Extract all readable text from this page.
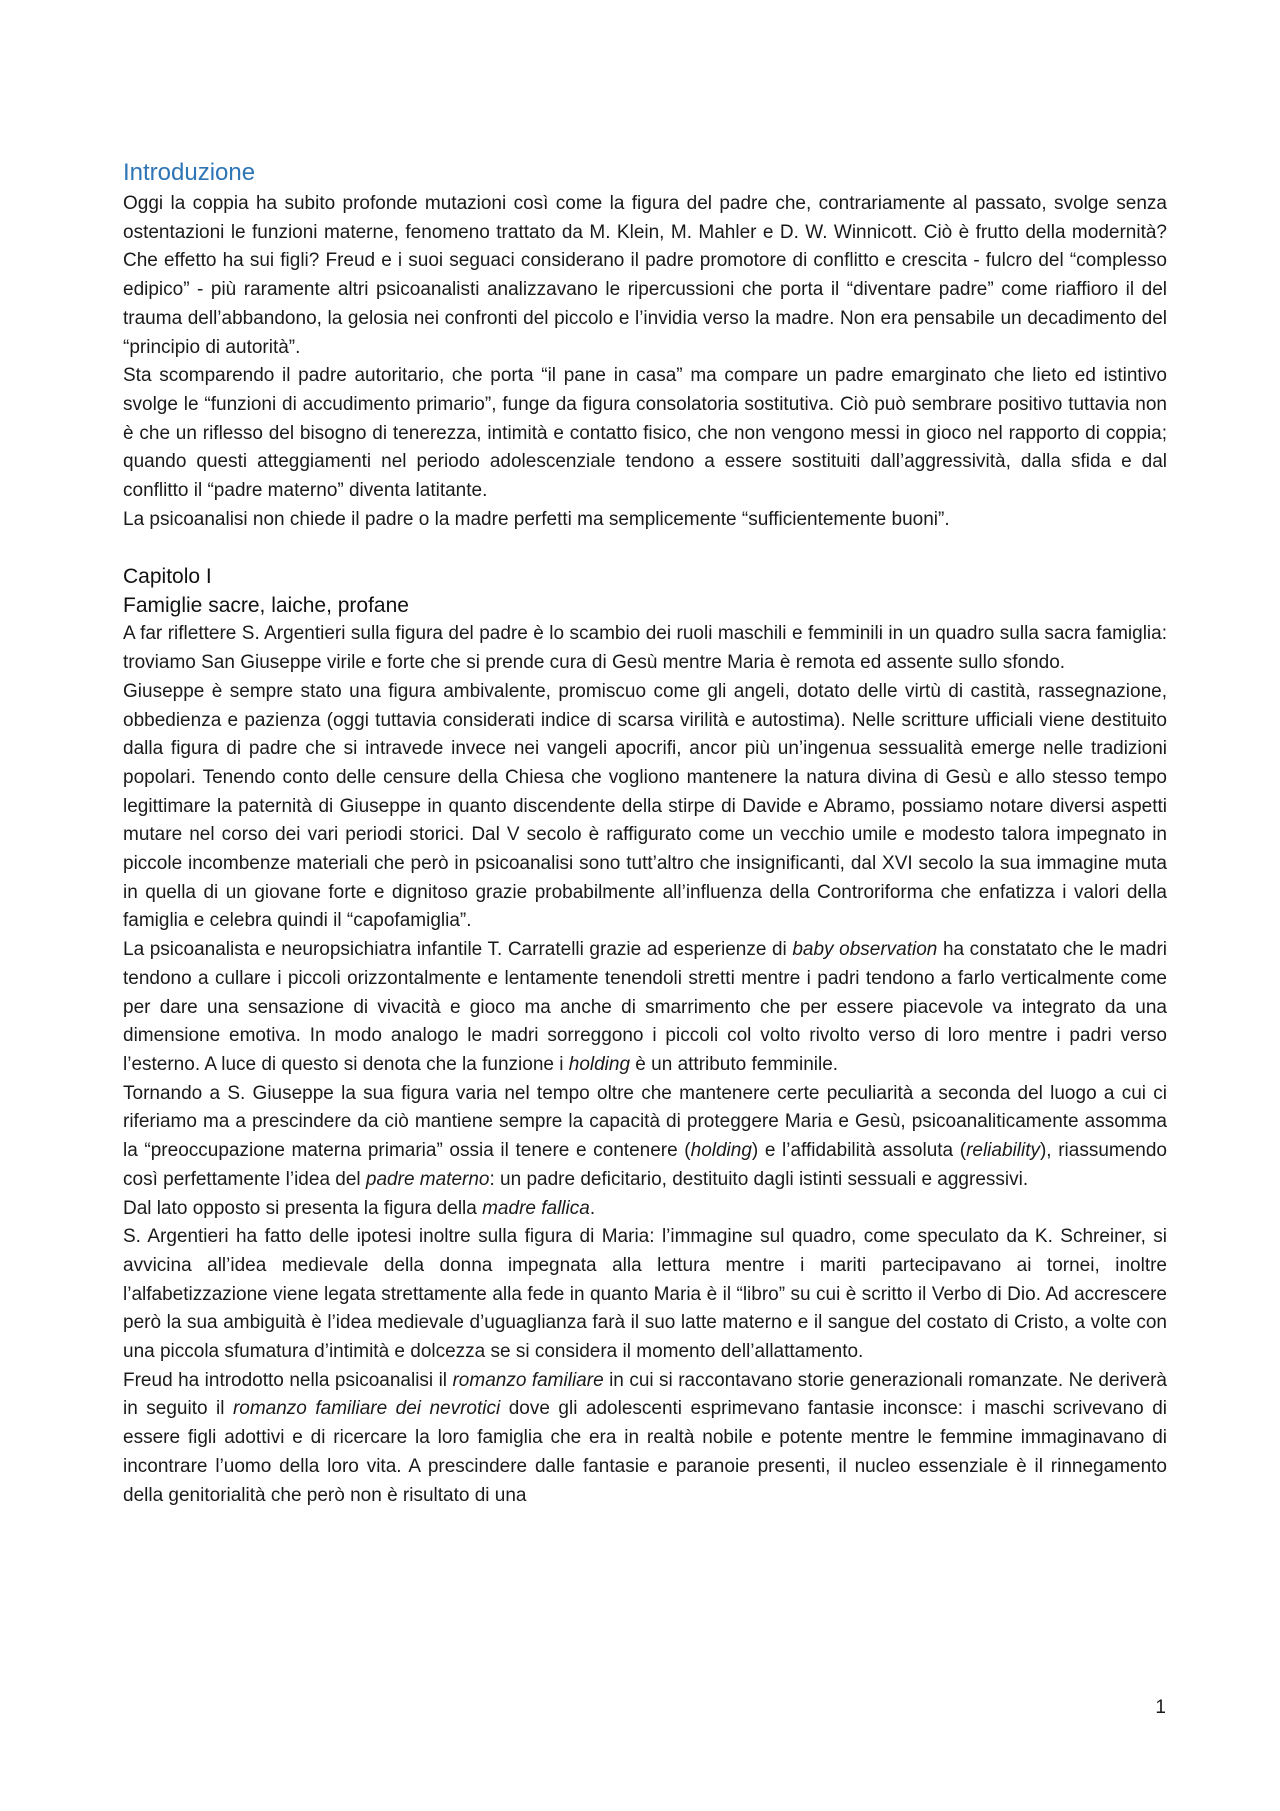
Introduzione

Oggi la coppia ha subito profonde mutazioni così come la figura del padre che, contrariamente al passato, svolge senza ostentazioni le funzioni materne, fenomeno trattato da M. Klein, M. Mahler e D. W. Winnicott. Ciò è frutto della modernità? Che effetto ha sui figli? Freud e i suoi seguaci considerano il padre promotore di conflitto e crescita - fulcro del “complesso edipico” - più raramente altri psicoanalisti analizzavano le ripercussioni che porta il “diventare padre” come riaffioro il del trauma dell’abbandono, la gelosia nei confronti del piccolo e l’invidia verso la madre. Non era pensabile un decadimento del “principio di autorità”.

Sta scomparendo il padre autoritario, che porta “il pane in casa” ma compare un padre emarginato che lieto ed istintivo svolge le “funzioni di accudimento primario”, funge da figura consolatoria sostitutiva. Ciò può sembrare positivo tuttavia non è che un riflesso del bisogno di tenerezza, intimità e contatto fisico, che non vengono messi in gioco nel rapporto di coppia; quando questi atteggiamenti nel periodo adolescenziale tendono a essere sostituiti dall’aggressività, dalla sfida e dal conflitto il “padre materno” diventa latitante.

La psicoanalisi non chiede il padre o la madre perfetti ma semplicemente “sufficientemente buoni”.

Capitolo I
Famiglie sacre, laiche, profane

A far riflettere S. Argentieri sulla figura del padre è lo scambio dei ruoli maschili e femminili in un quadro sulla sacra famiglia: troviamo San Giuseppe virile e forte che si prende cura di Gesù mentre Maria è remota ed assente sullo sfondo.

Giuseppe è sempre stato una figura ambivalente, promiscuo come gli angeli, dotato delle virtù di castità, rassegnazione, obbedienza e pazienza (oggi tuttavia considerati indice di scarsa virilità e autostima). Nelle scritture ufficiali viene destituito dalla figura di padre che si intravede invece nei vangeli apocrifi, ancor più un’ingenua sessualità emerge nelle tradizioni popolari. Tenendo conto delle censure della Chiesa che vogliono mantenere la natura divina di Gesù e allo stesso tempo legittimare la paternità di Giuseppe in quanto discendente della stirpe di Davide e Abramo, possiamo notare diversi aspetti mutare nel corso dei vari periodi storici. Dal V secolo è raffigurato come un vecchio umile e modesto talora impegnato in piccole incombenze materiali che però in psicoanalisi sono tutt’altro che insignificanti, dal XVI secolo la sua immagine muta in quella di un giovane forte e dignitoso grazie probabilmente all’influenza della Controriforma che enfatizza i valori della famiglia e celebra quindi il “capofamiglia”.

La psicoanalista e neuropsichiatra infantile T. Carratelli grazie ad esperienze di baby observation ha constatato che le madri tendono a cullare i piccoli orizzontalmente e lentamente tenendoli stretti mentre i padri tendono a farlo verticalmente come per dare una sensazione di vivacità e gioco ma anche di smarrimento che per essere piacevole va integrato da una dimensione emotiva. In modo analogo le madri sorreggono i piccoli col volto rivolto verso di loro mentre i padri verso l’esterno. A luce di questo si denota che la funzione i holding è un attributo femminile.

Tornando a S. Giuseppe la sua figura varia nel tempo oltre che mantenere certe peculiarità a seconda del luogo a cui ci riferiamo ma a prescindere da ciò mantiene sempre la capacità di proteggere Maria e Gesù, psicoanaliticamente assomma la “preoccupazione materna primaria” ossia il tenere e contenere (holding) e l’affidabilità assoluta (reliability), riassumendo così perfettamente l’idea del padre materno: un padre deficitario, destituito dagli istinti sessuali e aggressivi.

Dal lato opposto si presenta la figura della madre fallica.

S. Argentieri ha fatto delle ipotesi inoltre sulla figura di Maria: l’immagine sul quadro, come speculato da K. Schreiner, si avvicina all’idea medievale della donna impegnata alla lettura mentre i mariti partecipavano ai tornei, inoltre l’alfabetizzazione viene legata strettamente alla fede in quanto Maria è il “libro” su cui è scritto il Verbo di Dio. Ad accrescere però la sua ambiguità è l’idea medievale d’uguaglianza farà il suo latte materno e il sangue del costato di Cristo, a volte con una piccola sfumatura d’intimità e dolcezza se si considera il momento dell’allattamento.

Freud ha introdotto nella psicoanalisi il romanzo familiare in cui si raccontavano storie generazionali romanzate. Ne deriverà in seguito il romanzo familiare dei nevrotici dove gli adolescenti esprimevano fantasie inconsce: i maschi scrivevano di essere figli adottivi e di ricercare la loro famiglia che era in realtà nobile e potente mentre le femmine immaginavano di incontrare l’uomo della loro vita. A prescindere dalle fantasie e paranoie presenti, il nucleo essenziale è il rinnegamento della genitorialità che però non è risultato di una

1
